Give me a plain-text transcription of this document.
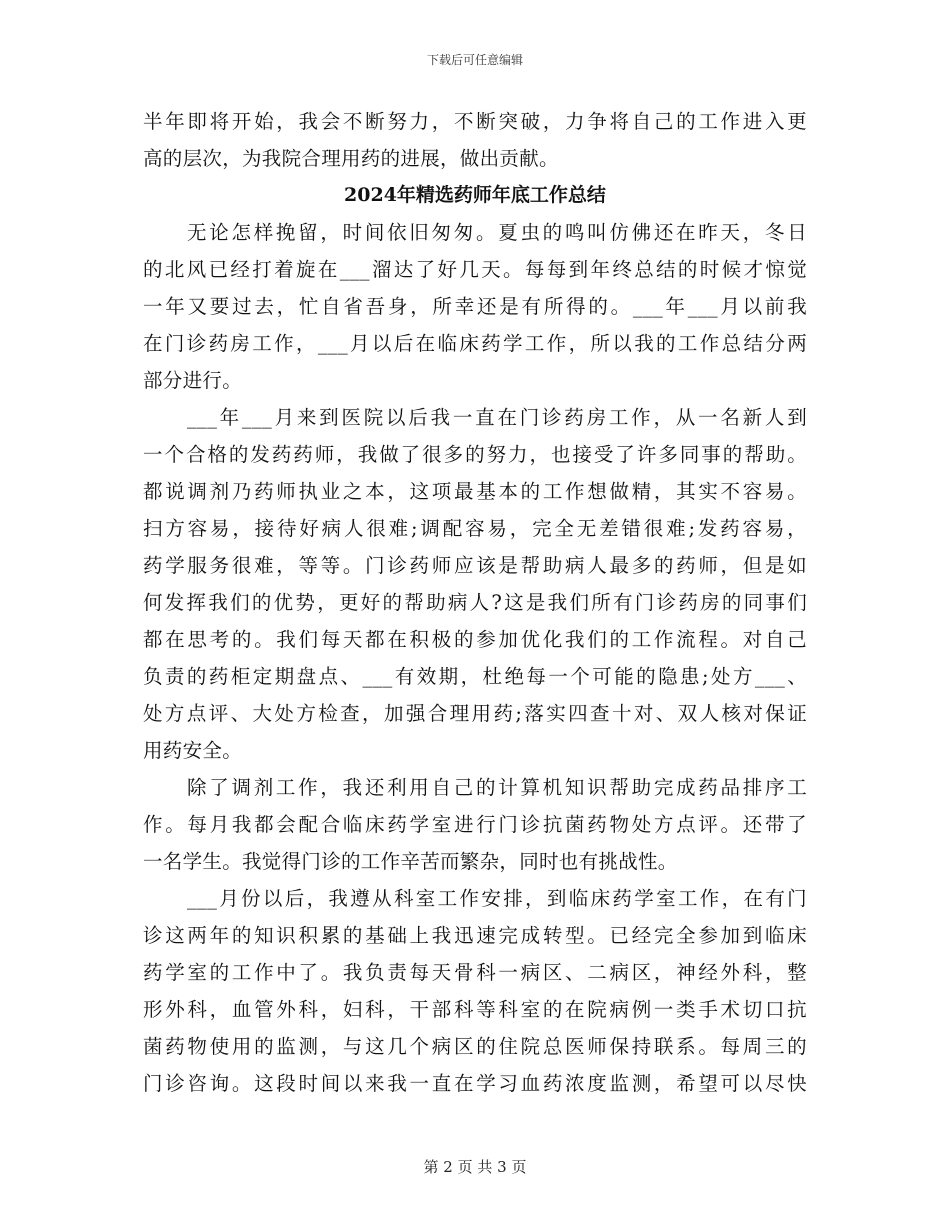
下载后可任意编辑
半年即将开始，我会不断努力，不断突破，力争将自己的工作进入更
高的层次，为我院合理用药的进展，做出贡献。
2024年精选药师年底工作总结
无论怎样挽留，时间依旧匆匆。夏虫的鸣叫仿佛还在昨天，冬日
的北风已经打着旋在___溜达了好几天。每每到年终总结的时候才惊觉
一年又要过去，忙自省吾身，所幸还是有所得的。___年___月以前我
在门诊药房工作，___月以后在临床药学工作，所以我的工作总结分两
部分进行。
___年___月来到医院以后我一直在门诊药房工作，从一名新人到
一个合格的发药药师，我做了很多的努力，也接受了许多同事的帮助。
都说调剂乃药师执业之本，这项最基本的工作想做精，其实不容易。
扫方容易，接待好病人很难;调配容易，完全无差错很难;发药容易，
药学服务很难，等等。门诊药师应该是帮助病人最多的药师，但是如
何发挥我们的优势，更好的帮助病人?这是我们所有门诊药房的同事们
都在思考的。我们每天都在积极的参加优化我们的工作流程。对自己
负责的药柜定期盘点、___有效期，杜绝每一个可能的隐患;处方___、
处方点评、大处方检查，加强合理用药;落实四查十对、双人核对保证
用药安全。
除了调剂工作，我还利用自己的计算机知识帮助完成药品排序工
作。每月我都会配合临床药学室进行门诊抗菌药物处方点评。还带了
一名学生。我觉得门诊的工作辛苦而繁杂，同时也有挑战性。
___月份以后，我遵从科室工作安排，到临床药学室工作，在有门
诊这两年的知识积累的基础上我迅速完成转型。已经完全参加到临床
药学室的工作中了。我负责每天骨科一病区、二病区，神经外科，整
形外科，血管外科，妇科，干部科等科室的在院病例一类手术切口抗
菌药物使用的监测，与这几个病区的住院总医师保持联系。每周三的
门诊咨询。这段时间以来我一直在学习血药浓度监测，希望可以尽快
第 2 页 共 3 页
